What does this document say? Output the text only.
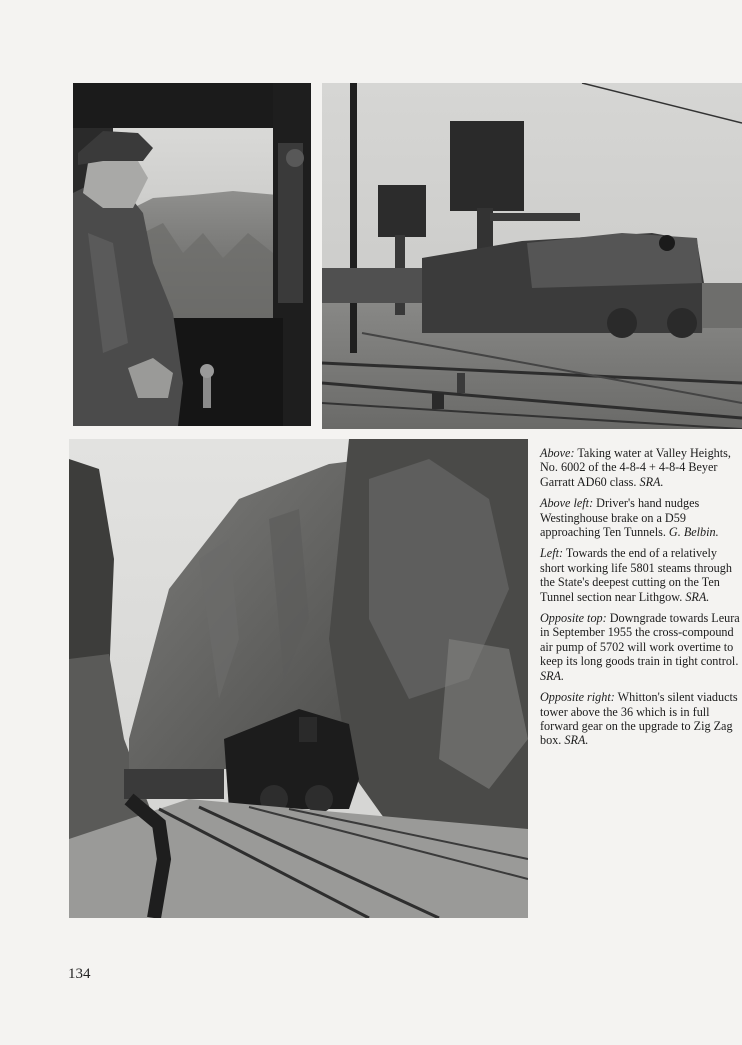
Above: Taking water at Valley Heights, No. 6002 of the 4-8-4 + 4-8-4 Beyer Garratt AD60 class. SRA.

Above left: Driver's hand nudges Westinghouse brake on a D59 approaching Ten Tunnels. G. Belbin.

Left: Towards the end of a relatively short working life 5801 steams through the State's deepest cutting on the Ten Tunnel section near Lithgow. SRA.

Opposite top: Downgrade towards Leura in September 1955 the cross-compound air pump of 5702 will work overtime to keep its long goods train in tight control. SRA.

Opposite right: Whitton's silent viaducts tower above the 36 which is in full forward gear on the upgrade to Zig Zag box. SRA.

134
